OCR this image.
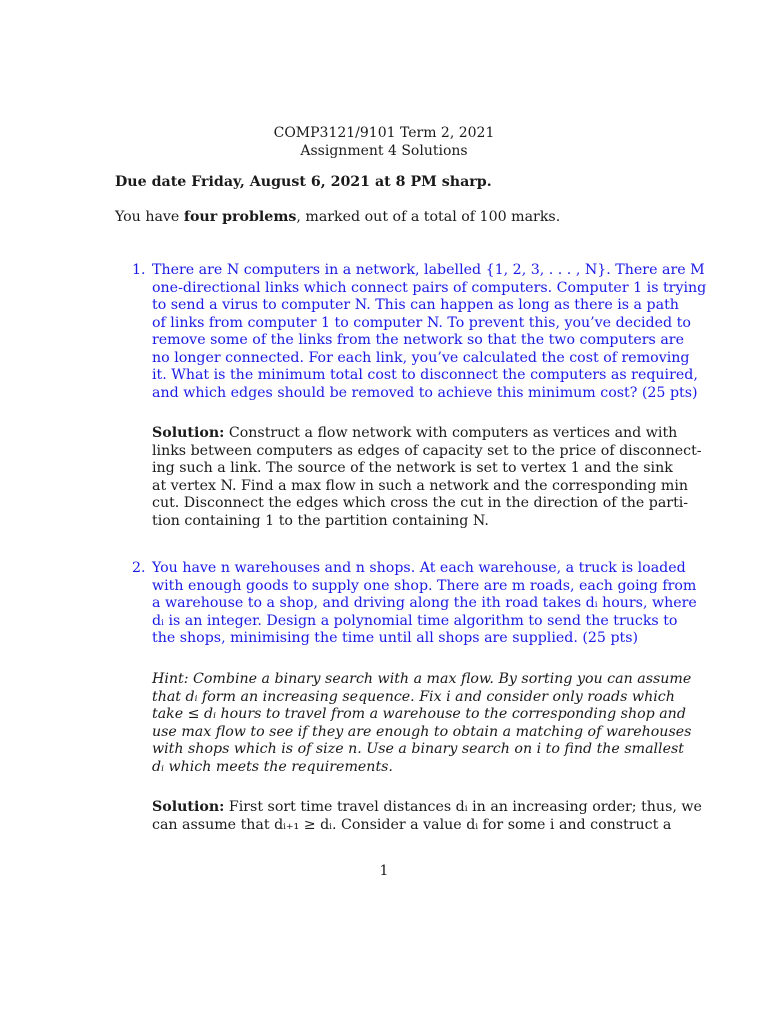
COMP3121/9101 Term 2, 2021
Assignment 4 Solutions
Due date Friday, August 6, 2021 at 8 PM sharp.
You have four problems, marked out of a total of 100 marks.
1. There are N computers in a network, labelled {1, 2, 3, . . . , N}. There are M
one-directional links which connect pairs of computers. Computer 1 is trying
to send a virus to computer N. This can happen as long as there is a path
of links from computer 1 to computer N. To prevent this, you’ve decided to
remove some of the links from the network so that the two computers are
no longer connected. For each link, you’ve calculated the cost of removing
it. What is the minimum total cost to disconnect the computers as required,
and which edges should be removed to achieve this minimum cost? (25 pts)
Solution: Construct a flow network with computers as vertices and with
links between computers as edges of capacity set to the price of disconnect-
ing such a link. The source of the network is set to vertex 1 and the sink
at vertex N. Find a max flow in such a network and the corresponding min
cut. Disconnect the edges which cross the cut in the direction of the parti-
tion containing 1 to the partition containing N.
2. You have n warehouses and n shops. At each warehouse, a truck is loaded
with enough goods to supply one shop. There are m roads, each going from
a warehouse to a shop, and driving along the ith road takes dᵢ hours, where
dᵢ is an integer. Design a polynomial time algorithm to send the trucks to
the shops, minimising the time until all shops are supplied. (25 pts)
Hint: Combine a binary search with a max flow. By sorting you can assume
that dᵢ form an increasing sequence. Fix i and consider only roads which
take ≤ dᵢ hours to travel from a warehouse to the corresponding shop and
use max flow to see if they are enough to obtain a matching of warehouses
with shops which is of size n. Use a binary search on i to find the smallest
dᵢ which meets the requirements.
Solution: First sort time travel distances dᵢ in an increasing order; thus, we
can assume that dᵢ₊₁ ≥ dᵢ. Consider a value dᵢ for some i and construct a
1
